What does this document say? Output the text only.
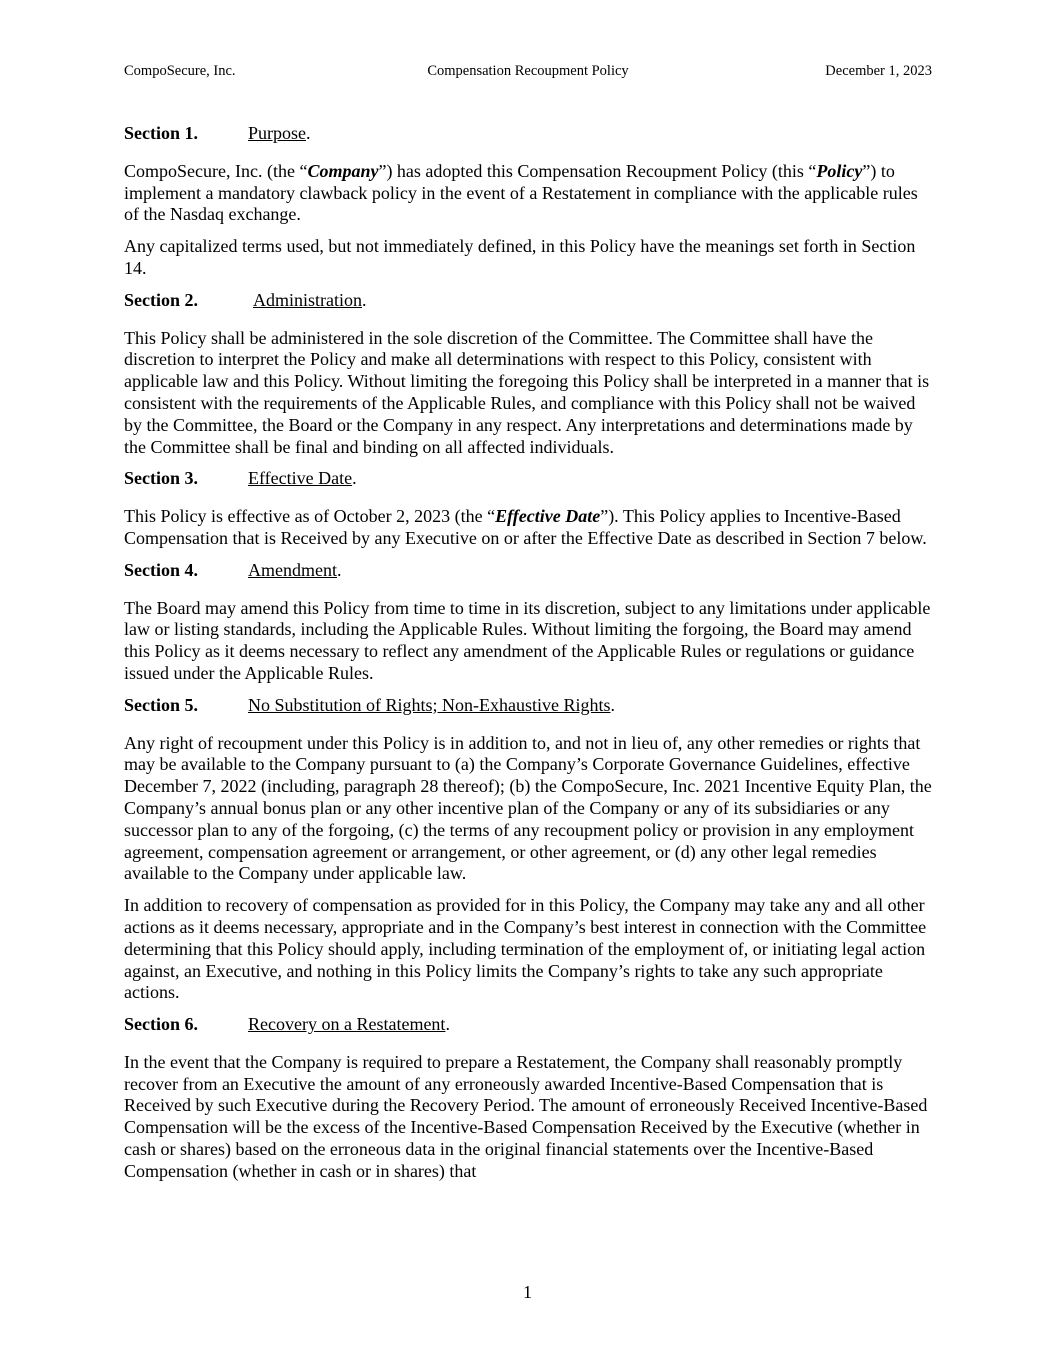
CompoSecure, Inc.	Compensation Recoupment Policy	December 1, 2023
Section 1.	Purpose.

CompoSecure, Inc. (the “Company”) has adopted this Compensation Recoupment Policy (this “Policy”) to implement a mandatory clawback policy in the event of a Restatement in compliance with the applicable rules of the Nasdaq exchange.

Any capitalized terms used, but not immediately defined, in this Policy have the meanings set forth in Section 14.

Section 2.	Administration.

This Policy shall be administered in the sole discretion of the Committee. The Committee shall have the discretion to interpret the Policy and make all determinations with respect to this Policy, consistent with applicable law and this Policy. Without limiting the foregoing this Policy shall be interpreted in a manner that is consistent with the requirements of the Applicable Rules, and compliance with this Policy shall not be waived by the Committee, the Board or the Company in any respect. Any interpretations and determinations made by the Committee shall be final and binding on all affected individuals.

Section 3.	Effective Date.

This Policy is effective as of October 2, 2023 (the “Effective Date”). This Policy applies to Incentive-Based Compensation that is Received by any Executive on or after the Effective Date as described in Section 7 below.

Section 4.	Amendment.

The Board may amend this Policy from time to time in its discretion, subject to any limitations under applicable law or listing standards, including the Applicable Rules. Without limiting the forgoing, the Board may amend this Policy as it deems necessary to reflect any amendment of the Applicable Rules or regulations or guidance issued under the Applicable Rules.

Section 5.	No Substitution of Rights; Non-Exhaustive Rights.

Any right of recoupment under this Policy is in addition to, and not in lieu of, any other remedies or rights that may be available to the Company pursuant to (a) the Company’s Corporate Governance Guidelines, effective December 7, 2022 (including, paragraph 28 thereof); (b) the CompoSecure, Inc. 2021 Incentive Equity Plan, the Company’s annual bonus plan or any other incentive plan of the Company or any of its subsidiaries or any successor plan to any of the forgoing, (c) the terms of any recoupment policy or provision in any employment agreement, compensation agreement or arrangement, or other agreement, or (d) any other legal remedies available to the Company under applicable law.

In addition to recovery of compensation as provided for in this Policy, the Company may take any and all other actions as it deems necessary, appropriate and in the Company’s best interest in connection with the Committee determining that this Policy should apply, including termination of the employment of, or initiating legal action against, an Executive, and nothing in this Policy limits the Company’s rights to take any such appropriate actions.

Section 6.	Recovery on a Restatement.

In the event that the Company is required to prepare a Restatement, the Company shall reasonably promptly recover from an Executive the amount of any erroneously awarded Incentive-Based Compensation that is Received by such Executive during the Recovery Period. The amount of erroneously Received Incentive-Based Compensation will be the excess of the Incentive-Based Compensation Received by the Executive (whether in cash or shares) based on the erroneous data in the original financial statements over the Incentive-Based Compensation (whether in cash or in shares) that

1
